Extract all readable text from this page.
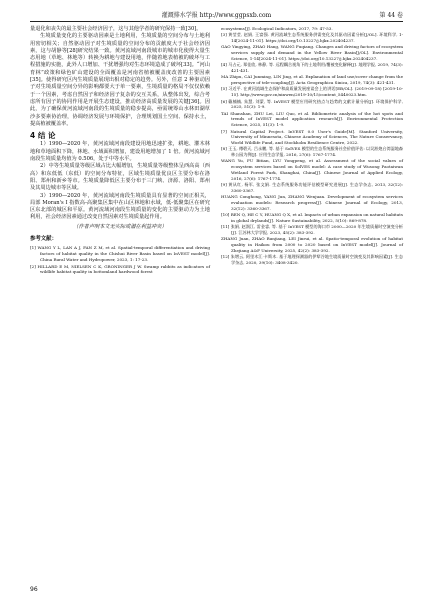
灌溉排水学报 http://www.ggpsxb.com	第 44 卷

量退化和丧失的最主要社会经济因子，这与其他学者的研究保持一致[30]。

生境质量变化的主要驱动因素是土地利用，生境质量的空间分布与土地利用密切相关；自然驱动因子对生境质量的空间分布的贡献度大于社会经济因素，这与胡静等[28]研究结果一致。黄河流域河南段城市的城市化使得大量生态用地（草地、林地等）转换为耕地与建设用地，伴随着地表植被的破坏与工程措施的实施，此外人口增加、干扰增强均对生态环境造成了破坏[33]。“河山育林”政策和绿色矿山建设的全面覆盖是河南省植被覆盖度改善的主要因素[35]。使得研究区内生境质量展现出相对稳定的趋势。另外，任意 2 种驱动因子对生境质量空间分异的影响都要大于单一要素，生境质量的格局不仅仅依赖于一个因素，考虑自然因子和经济因子复杂的交互关系，从整体出发，综合考虑所有因子的协同作用是开展生态建设，推动经济高质量发展的关键[36]。因此，为了确保黄河流域河南段的生境质量的稳步提高，亟需统筹山水林田湖草沙多要素协治理，协调经济发展与环境保护，合理规划国土空间、保持水土，提高植被覆盖率。

4 结 论

1）1990—2020 年，黄河流域河南段建设用地迅速扩张，耕地、灌木林地和草地面积下降，林地、水域面积增加，建设用地增加了 1 倍。黄河流域河南段生境质量均值为 0.506，处于中等水平。

2）中等生境质量等级区域占比大幅增加，生境质量等级整体呈西高高（西高）和东低低（东低）的空间分布特征，区域生境质量优良区主要分布在洛阳、郑州和新乡等市。生境质量降低区主要分布于三门峡、济源、洛阳、郑州及其周边城市等区域。

3）1990—2020 年，黄河流域河南段生境质量具有显著的空间正相关，局部 Moran's I 指数高-高聚集区集中在山区林地和水域，低-低聚集区在研究区东北部的城区和平原。黄河流域河南段生境质量的变化的主要驱动力为土地利用，社会经济因素通过改变自然因素对生境质量起作用。

（作者声明本文无实际或潜在利益冲突）

参考文献：

[1] WANG Y L, LAN A J, FAN Z M, et al. Spatial-temporal differentiation and driving factors of habitat quality in the Chishui River Basin based on InVEST model[J]. China Rural Water and Hydropower, 2023, 1: 17-23.

[2] HILLARD E M, NIELSEN C K, GRONINGER J W. Swamp rabbits as indicators of wildlife habitat quality in bottomland hardwood forest

ecosystems[J]. Ecological Indicators, 2017, 79: 47-53.

[3] 黄莹莹, 赵娟, 王富强. 黄河流域生态系统服务供需变化及其驱动因素分析[J/OL]. 环境科学, 1-14[2024-11-01]. https://doi.org/10.13227/j.hjkx.202404237.

GAO Yingying, ZHAO Hang, WANG Fuqiang. Changes and driving factors of ecosystem services supply and demand in the Yellow River Basin[J/OL]. Environmental Science, 1-14[2024-11-01]. https://doi.org/10.13227/j.hjkx.202404237.

[4] 马占元, 郑佳欣, 林静, 等. 远程耦合视角下的土地利用/覆被变化解释[J]. 地理学报, 2019, 74(3): 421-431.

MA Zhipu, CAI Junming, LIN Jing, et al. Explanation of land use/cover change from the perspective of tele-coupling[J]. Acta Geographica Sinica, 2019, 74(3): 421-431.

[5] 习近平. 在黄河流域生态保护和高质量发展座谈会上的讲话[EB/OL]. (2019-09-18) [2019-10-15]. http://www.gov.cn/xinwen/2019-10/15/content_5440023.htm.

[6] 戴楠楠, 朱慧, 刘蒙, 等. InVEST 模型应用研究热点与趋势的文献计量分析[J]. 环境保护科学, 2025, 51(3): 1-9.

TAI Shanshan, ZHU Lei, LIU Quo, et al. Bibliometric analysis of the hot spots and trends of InVEST model application research[J]. Environmental Protection Science, 2025, 51(3): 1-9.

[7] Natural Capital Project. InVEST 0.0 User's Guide[M]. Stanford University, University of Minnesota, Chinese Academy of Sciences, The Nature Conservancy, World Wildlife Fund, and Stockholm Resilience Centre, 2022.

[8] 王玉, 傅碧天, 吕永鹏, 等. 基于 SolVES 模型的生态系统服务社会价值评估: 以吴淞炮台湾湿地森林公园为例[J]. 应用生态学报, 2016, 27(6): 1767-1774.

WANG Yu, FU Bitian, LYU Yongpeng, et al. Assessment of the social values of ecosystem services based on SolVES model: A case study of Wusong Paotaiwan Wetland Forest Park, Shanghai, China[J]. Chinese Journal of Applied Ecology, 2016, 27(6): 1767-1774.

[9] 黄从红, 杨军, 张文娟. 生态系统服务功能评估模型研究进展[J]. 生态学杂志, 2013, 32(12): 3360-3367.

HUANG Conghong, YANG Jun, ZHANG Wenjuan. Development of ecosystem services evaluation models: Research progress[J]. Chinese Journal of Ecology, 2013, 32(12): 3360-3367.

[10] REN Q, HE C Y, HUANG Q X, et al. Impacts of urban expansion on natural habitats in global drylands[J]. Nature Sustainability, 2022, 5(10): 869-878.

[11] 张娟, 赵润江, 雷金睿, 等. 基于 InVEST 模型的海口市 2000—2020 年生境质量时空演变分析[J]. 江苏林大学学报, 2023, 45(2): 383-392.

ZHANG Juan, ZHAO Runjiang, LEI Jinrui, et al. Spatio-temporal evolution of habitat quality in Haikou from 2000 to 2020 based on InVEST model[J]. Journal of Zhejiang A&F University, 2025, 42(2): 383-392.

[12] 朱增云, 阿里木江·卡斯木. 基于地理探测器的伊犁谷地生境质量时空演变及其影响因素[J]. 生态学杂志, 2020, 39(10): 3408-3420.

96
